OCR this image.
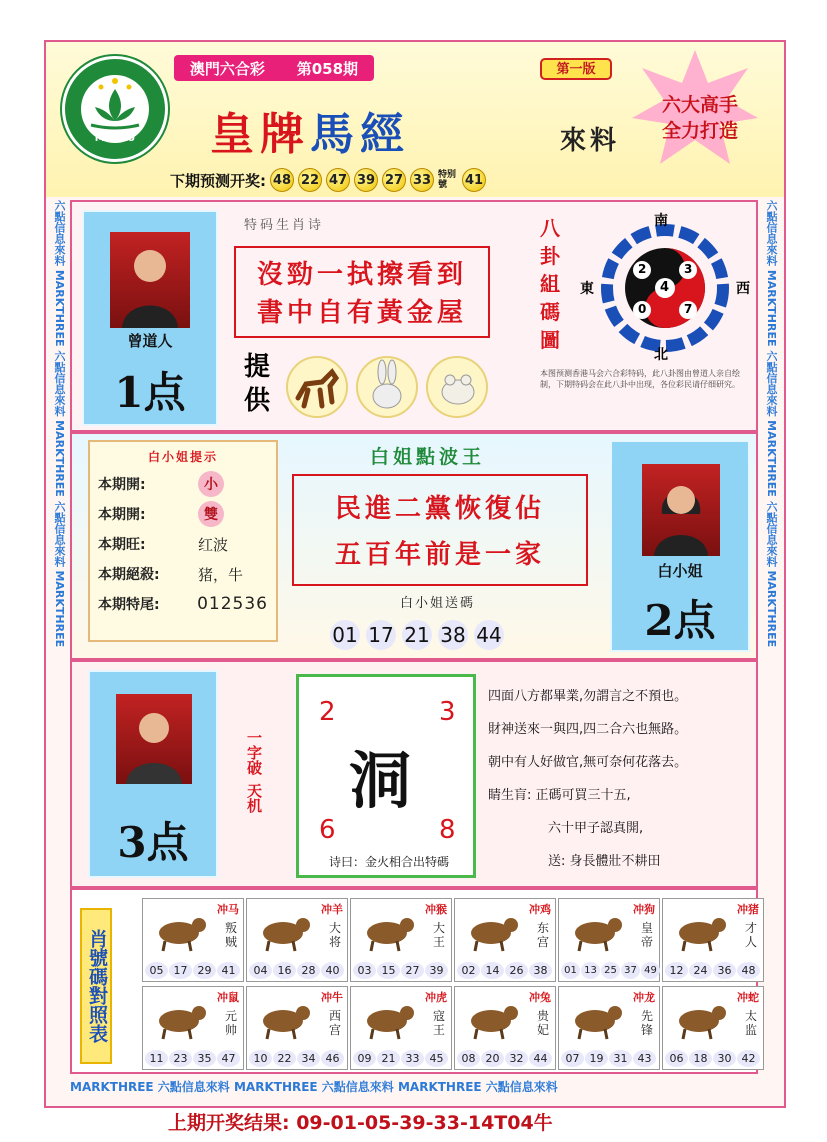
MACAU
澳門六合彩 第058期	第一版
皇牌馬經	來料
六大高手
全力打造
下期预测开奖: 48 22 47 39 27 33 特别號	41
六點信息來料 MARKTHREE 六點信息來料 MARKTHREE 六點信息來料 MARKTHREE	六點信息來料 MARKTHREE 六點信息來料 MARKTHREE 六點信息來料 MARKTHREE
曾道人
1点
特码生肖诗
沒勁一拭擦看到
書中自有黃金屋
提供
八卦組碼圖
南
北
東	西
4
2	3
0	7
本图预测香港马会六合彩特码，此八卦图由曾道人亲自绘制，下期特码会在此八卦中出现，各位彩民请仔细研究。
白小姐提示
本期開:	小
本期開:	雙
本期旺:	红波
本期絕殺:	猪，牛
本期特尾:	012536
白姐點波王
民進二黨恢復佔
五百年前是一家
白小姐送碼
01 17 21 38 44
白小姐
2点
3点
一字破
天机
2	3
6	8
洞
诗曰：金火相合出特碼
四面八方都畢業,勿謂言之不預也。
財神送來一與四,四二合六也無路。
朝中有人好做官,無可奈何花落去。
睛生肓: 正碼可買三十五,
六十甲子認真開,
送: 身長體壯不耕田
肖號碼對照表
冲马
叛贼
05 17 29 41
冲羊
大将
04 16 28 40
冲猴
大王
03 15 27 39
冲鸡
东宫
02 14 26 38
冲狗
皇帝
01 13 25 37 49
冲猪
才人
12 24 36 48
冲鼠
元帅
11 23 35 47
冲牛
西宫
10 22 34 46
冲虎
寇王
09 21 33 45
冲兔
贵妃
08 20 32 44
冲龙
先锋
07 19 31 43
冲蛇
太监
06 18 30 42
MARKTHREE 六點信息來料 MARKTHREE 六點信息來料 MARKTHREE 六點信息來料
上期开奖结果: 09-01-05-39-33-14T04牛
